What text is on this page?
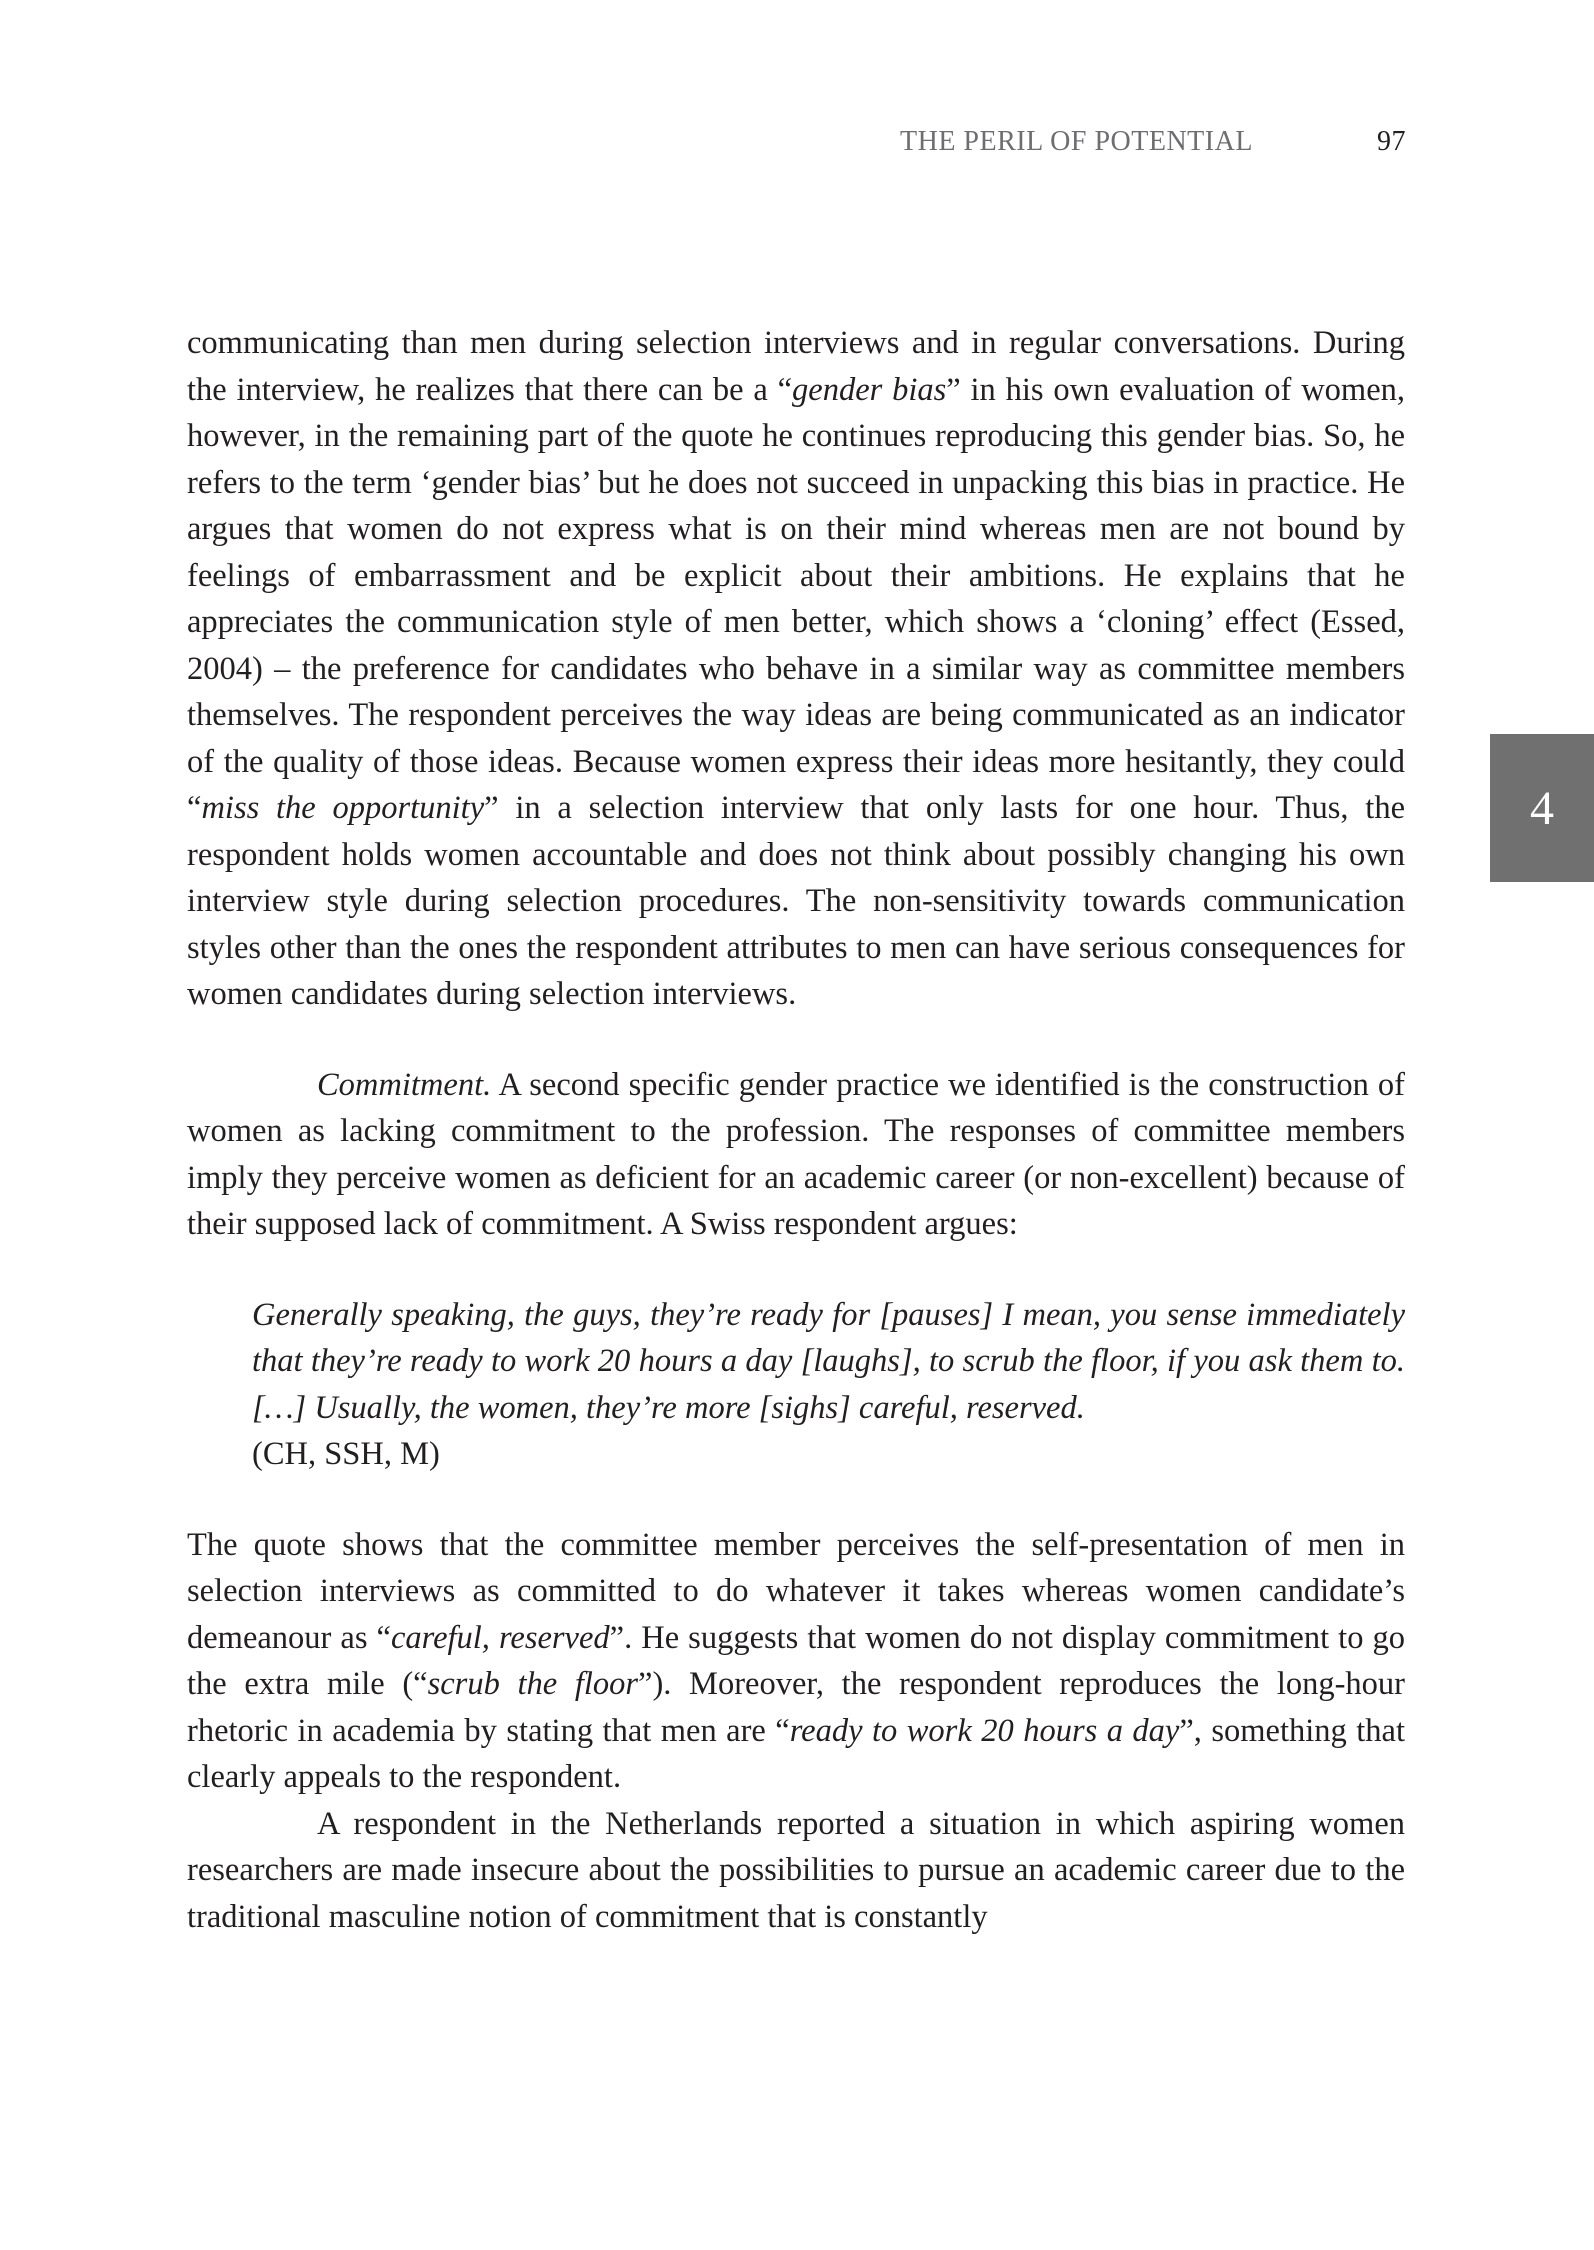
THE PERIL OF POTENTIAL	97
4

communicating than men during selection interviews and in regular conversations. During the interview, he realizes that there can be a “gender bias” in his own evaluation of women, however, in the remaining part of the quote he continues reproducing this gender bias. So, he refers to the term ‘gender bias’ but he does not succeed in unpacking this bias in practice. He argues that women do not express what is on their mind whereas men are not bound by feelings of embarrassment and be explicit about their ambitions. He explains that he appreciates the communication style of men better, which shows a ‘cloning’ effect (Essed, 2004) – the preference for candidates who behave in a similar way as committee members themselves. The respondent perceives the way ideas are being communicated as an indicator of the quality of those ideas. Because women express their ideas more hesitantly, they could “miss the opportunity” in a selection interview that only lasts for one hour. Thus, the respondent holds women accountable and does not think about possibly changing his own interview style during selection procedures. The non-sensitivity towards communication styles other than the ones the respondent attributes to men can have serious consequences for women candidates during selection interviews.

Commitment. A second specific gender practice we identified is the construction of women as lacking commitment to the profession. The responses of committee members imply they perceive women as deficient for an academic career (or non-excellent) because of their supposed lack of commitment. A Swiss respondent argues:

Generally speaking, the guys, they’re ready for [pauses] I mean, you sense immediately that they’re ready to work 20 hours a day [laughs], to scrub the floor, if you ask them to. […] Usually, the women, they’re more [sighs] careful, reserved.
(CH, SSH, M)

The quote shows that the committee member perceives the self-presentation of men in selection interviews as committed to do whatever it takes whereas women candidate’s demeanour as “careful, reserved”. He suggests that women do not display commitment to go the extra mile (“scrub the floor”). Moreover, the respondent reproduces the long-hour rhetoric in academia by stating that men are “ready to work 20 hours a day”, something that clearly appeals to the respondent.

A respondent in the Netherlands reported a situation in which aspiring women researchers are made insecure about the possibilities to pursue an academic career due to the traditional masculine notion of commitment that is constantly
